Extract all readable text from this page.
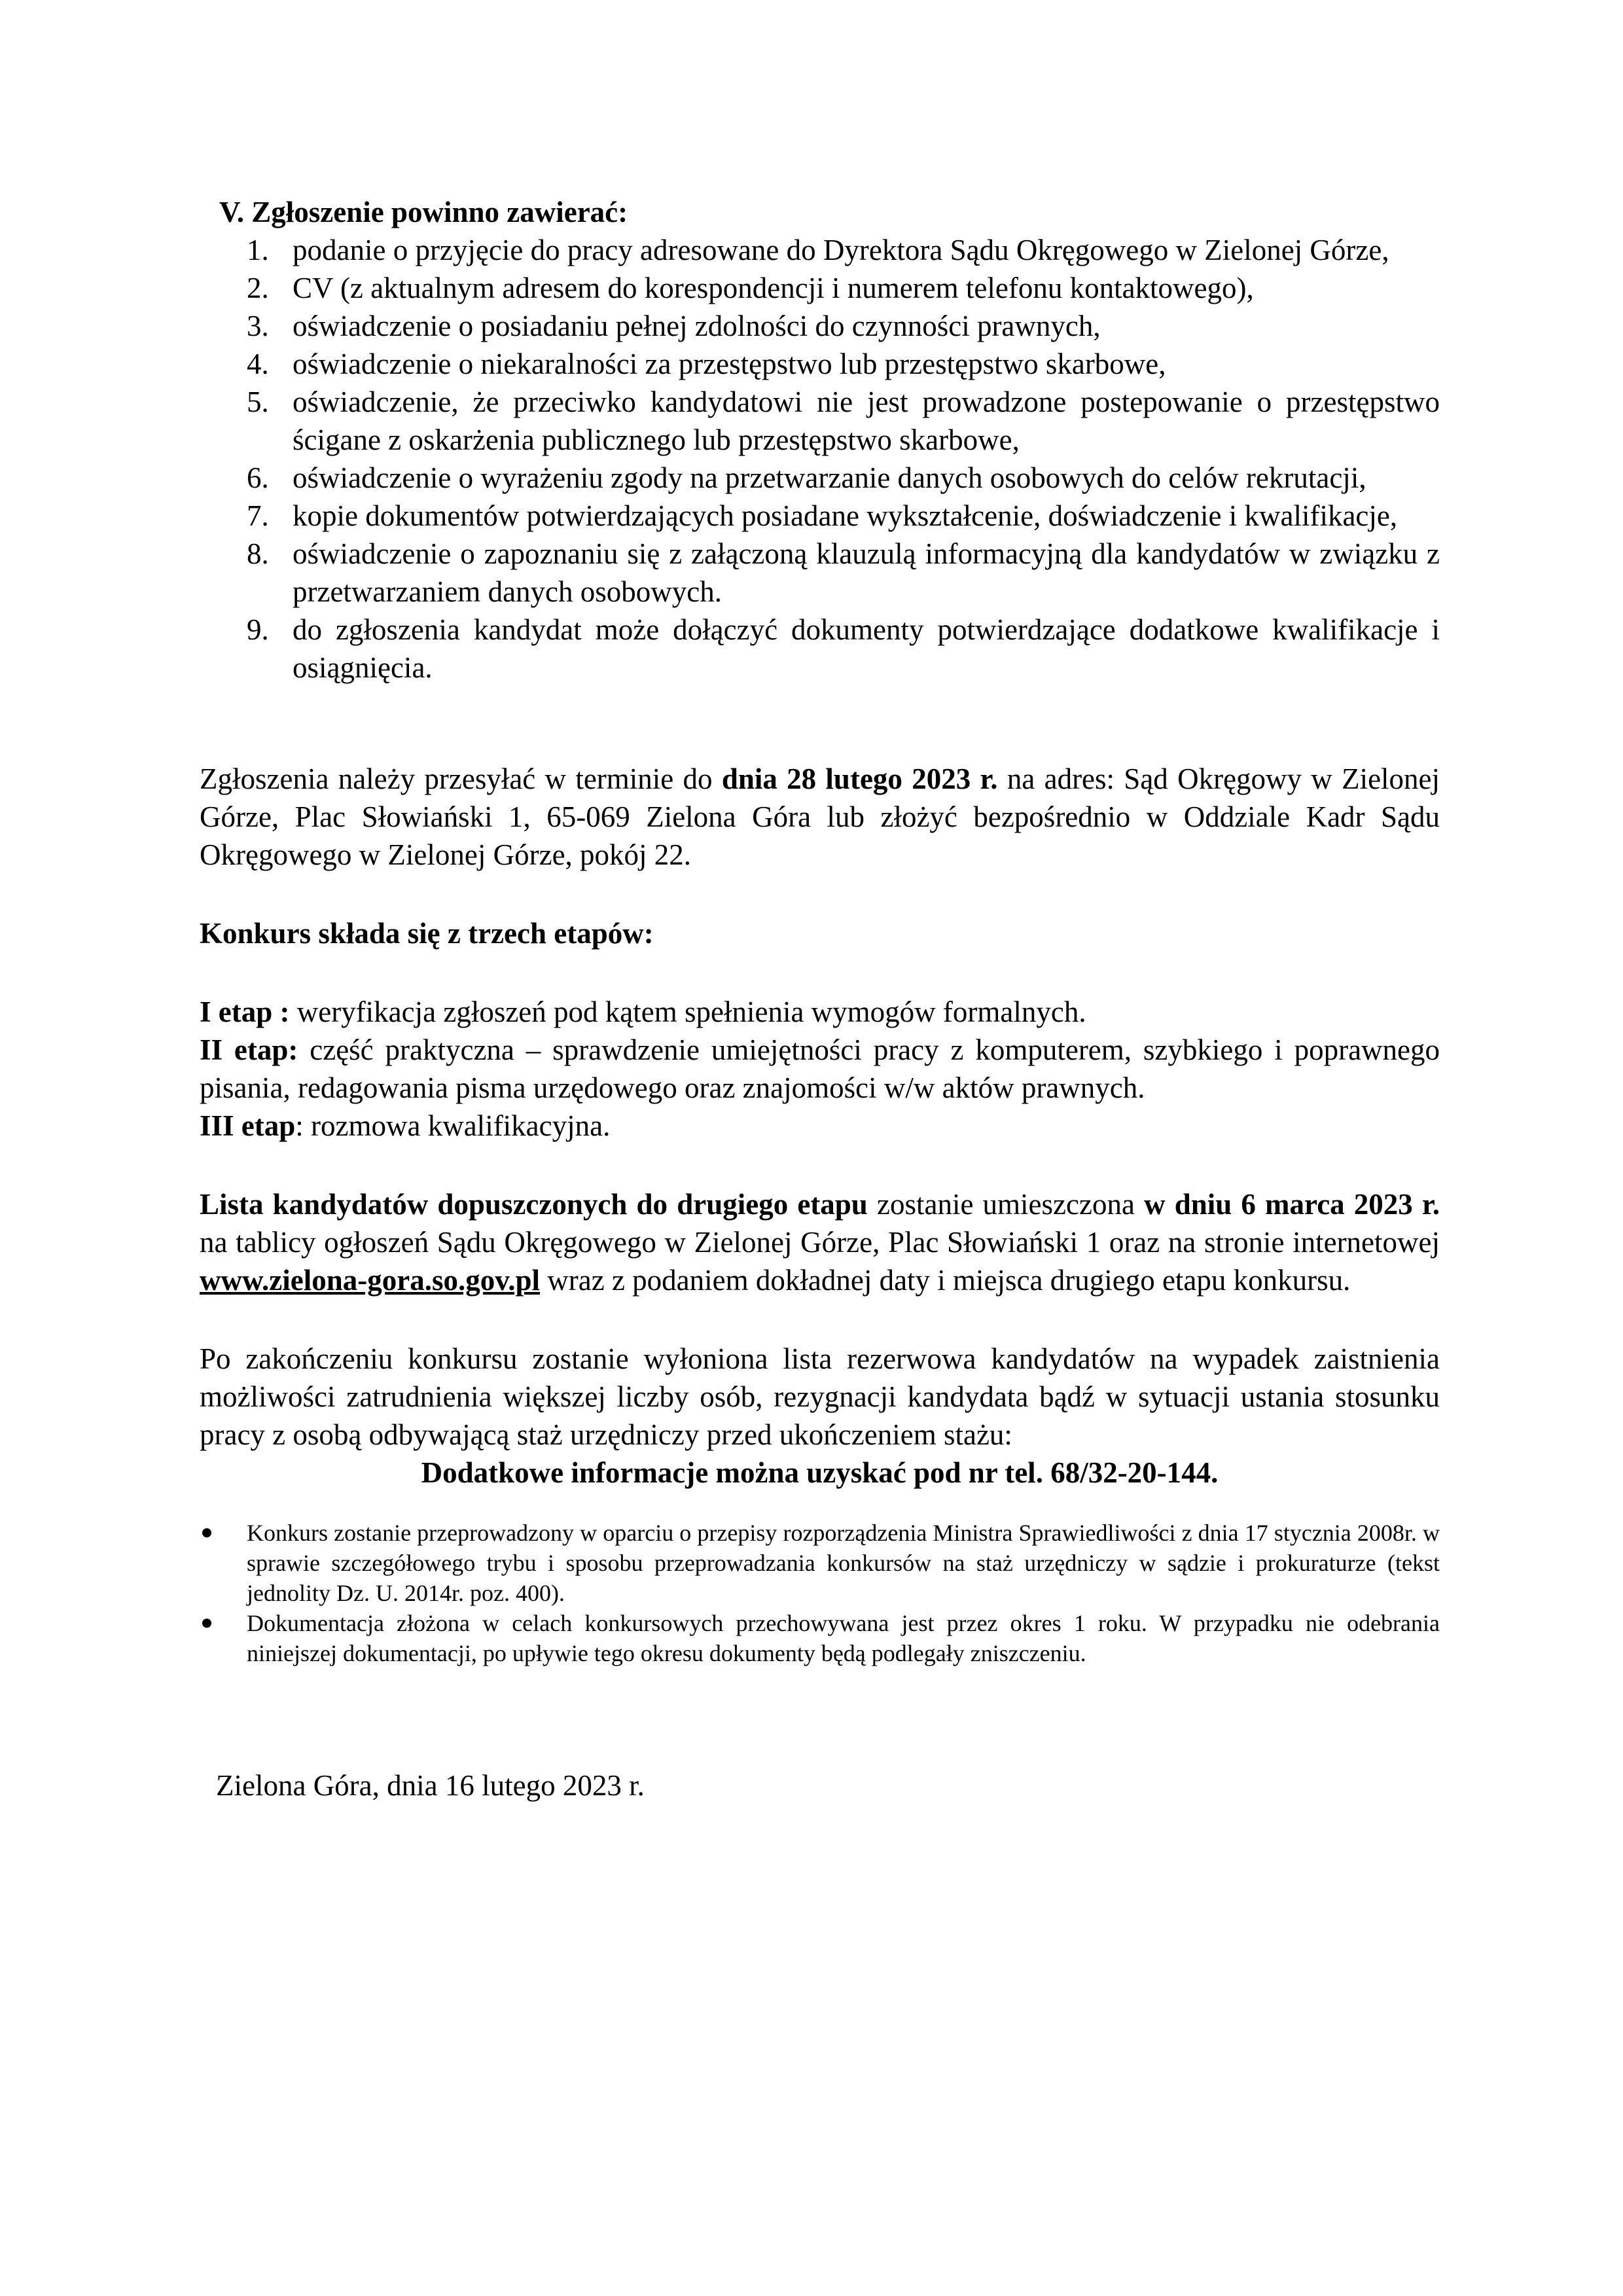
V. Zgłoszenie powinno zawierać:

1. podanie o przyjęcie do pracy adresowane do Dyrektora Sądu Okręgowego w Zielonej Górze,
2. CV (z aktualnym adresem do korespondencji i numerem telefonu kontaktowego),
3. oświadczenie o posiadaniu pełnej zdolności do czynności prawnych,
4. oświadczenie o niekaralności za przestępstwo lub przestępstwo skarbowe,
5. oświadczenie, że przeciwko kandydatowi nie jest prowadzone postepowanie o przestępstwo ścigane z oskarżenia publicznego lub przestępstwo skarbowe,
6. oświadczenie o wyrażeniu zgody na przetwarzanie danych osobowych do celów rekrutacji,
7. kopie dokumentów potwierdzających posiadane wykształcenie, doświadczenie i kwalifikacje,
8. oświadczenie o zapoznaniu się z załączoną klauzulą informacyjną dla kandydatów w związku z przetwarzaniem danych osobowych.
9. do zgłoszenia kandydat może dołączyć dokumenty potwierdzające dodatkowe kwalifikacje i osiągnięcia.

Zgłoszenia należy przesyłać w terminie do dnia 28 lutego 2023 r. na adres: Sąd Okręgowy w Zielonej Górze, Plac Słowiański 1, 65-069 Zielona Góra lub złożyć bezpośrednio w Oddziale Kadr Sądu Okręgowego w Zielonej Górze, pokój 22.

Konkurs składa się z trzech etapów:

I etap : weryfikacja zgłoszeń pod kątem spełnienia wymogów formalnych.

II etap: część praktyczna – sprawdzenie umiejętności pracy z komputerem, szybkiego i poprawnego pisania, redagowania pisma urzędowego oraz znajomości w/w aktów prawnych.

III etap: rozmowa kwalifikacyjna.

Lista kandydatów dopuszczonych do drugiego etapu zostanie umieszczona w dniu 6 marca 2023 r. na tablicy ogłoszeń Sądu Okręgowego w Zielonej Górze, Plac Słowiański 1 oraz na stronie internetowej www.zielona-gora.so.gov.pl wraz z podaniem dokładnej daty i miejsca drugiego etapu konkursu.

Po zakończeniu konkursu zostanie wyłoniona lista rezerwowa kandydatów na wypadek zaistnienia możliwości zatrudnienia większej liczby osób, rezygnacji kandydata bądź w sytuacji ustania stosunku pracy z osobą odbywającą staż urzędniczy przed ukończeniem stażu:

Dodatkowe informacje można uzyskać pod nr tel. 68/32-20-144.

Konkurs zostanie przeprowadzony w oparciu o przepisy rozporządzenia Ministra Sprawiedliwości z dnia 17 stycznia 2008r. w sprawie szczegółowego trybu i sposobu przeprowadzania konkursów na staż urzędniczy w sądzie i prokuraturze (tekst jednolity Dz. U. 2014r. poz. 400).
Dokumentacja złożona w celach konkursowych przechowywana jest przez okres 1 roku. W przypadku nie odebrania niniejszej dokumentacji, po upływie tego okresu dokumenty będą podlegały zniszczeniu.

Zielona Góra, dnia 16 lutego 2023 r.
